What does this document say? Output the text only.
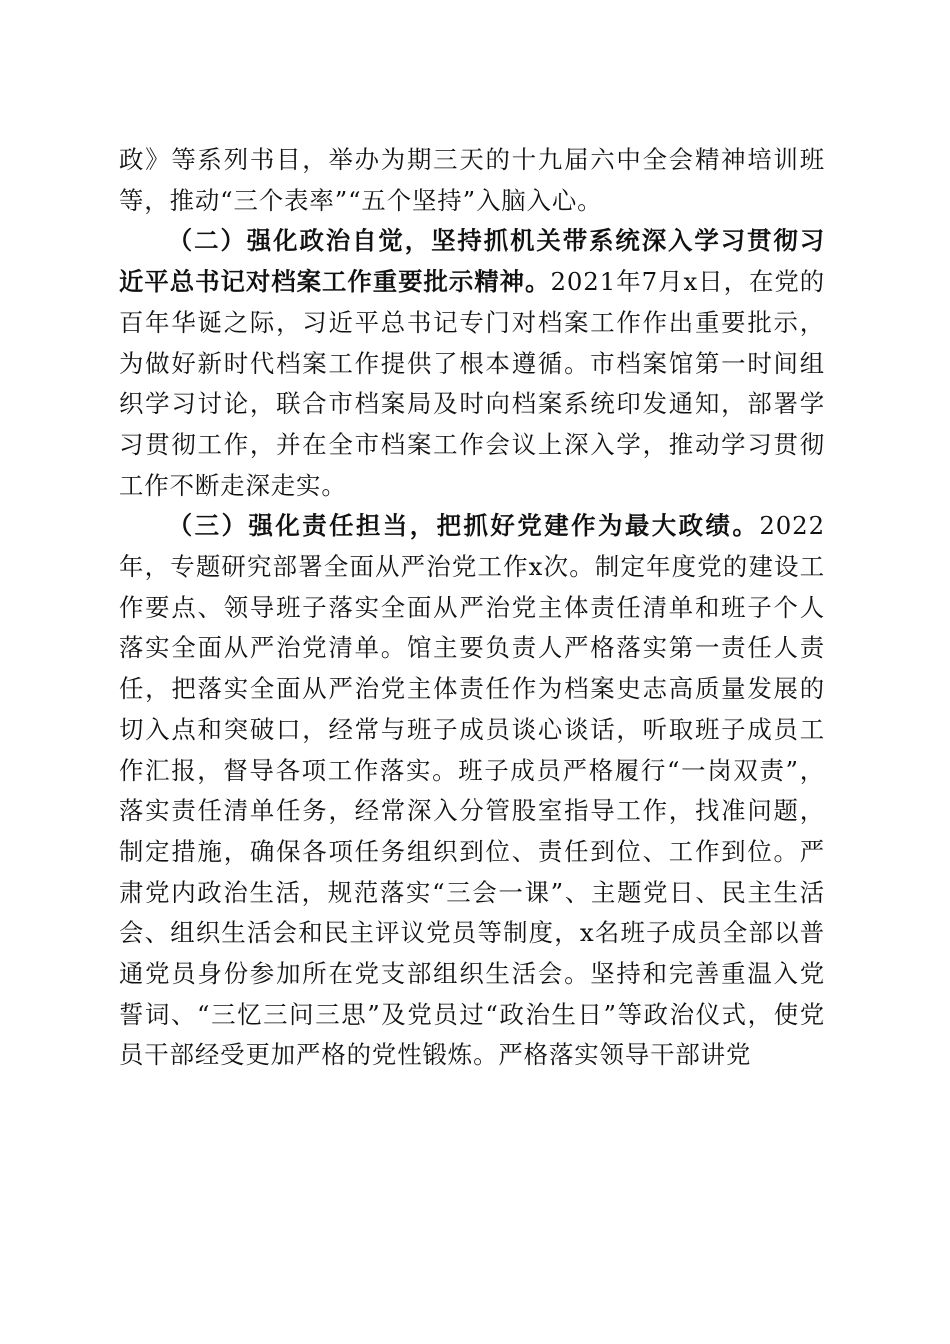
政》等系列书目，举办为期三天的十九届六中全会精神培训班等，推动“三个表率”“五个坚持”入脑入心。

（二）强化政治自觉，坚持抓机关带系统深入学习贯彻习近平总书记对档案工作重要批示精神。2021年7月x日，在党的百年华诞之际，习近平总书记专门对档案工作作出重要批示，为做好新时代档案工作提供了根本遵循。市档案馆第一时间组织学习讨论，联合市档案局及时向档案系统印发通知，部署学习贯彻工作，并在全市档案工作会议上深入学，推动学习贯彻工作不断走深走实。

（三）强化责任担当，把抓好党建作为最大政绩。2022年，专题研究部署全面从严治党工作x次。制定年度党的建设工作要点、领导班子落实全面从严治党主体责任清单和班子个人落实全面从严治党清单。馆主要负责人严格落实第一责任人责任，把落实全面从严治党主体责任作为档案史志高质量发展的切入点和突破口，经常与班子成员谈心谈话，听取班子成员工作汇报，督导各项工作落实。班子成员严格履行“一岗双责”，落实责任清单任务，经常深入分管股室指导工作，找准问题，制定措施，确保各项任务组织到位、责任到位、工作到位。严肃党内政治生活，规范落实“三会一课”、主题党日、民主生活会、组织生活会和民主评议党员等制度，x名班子成员全部以普通党员身份参加所在党支部组织生活会。坚持和完善重温入党誓词、“三忆三问三思”及党员过“政治生日”等政治仪式，使党员干部经受更加严格的党性锻炼。严格落实领导干部讲党
